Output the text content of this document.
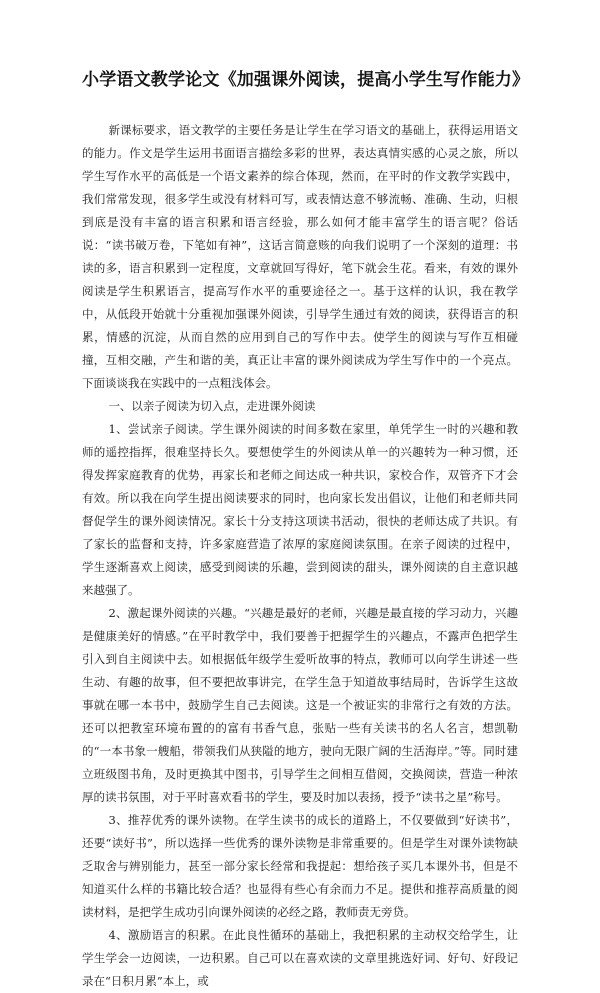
小学语文教学论文《加强课外阅读，提高小学生写作能力》

新课标要求，语文教学的主要任务是让学生在学习语文的基础上，获得运用语文的能力。作文是学生运用书面语言描绘多彩的世界，表达真情实感的心灵之旅，所以学生写作水平的高低是一个语文素养的综合体现，然而，在平时的作文教学实践中，我们常常发现，很多学生或没有材料可写，或表情达意不够流畅、准确、生动，归根到底是没有丰富的语言积累和语言经验，那么如何才能丰富学生的语言呢？俗话说：“读书破万卷，下笔如有神”，这话言简意赅的向我们说明了一个深刻的道理：书读的多，语言积累到一定程度，文章就回写得好，笔下就会生花。看来，有效的课外阅读是学生积累语言，提高写作水平的重要途径之一。基于这样的认识，我在教学中，从低段开始就十分重视加强课外阅读，引导学生通过有效的阅读，获得语言的积累，情感的沉淀，从而自然的应用到自己的写作中去。使学生的阅读与写作互相碰撞，互相交融，产生和谐的美，真正让丰富的课外阅读成为学生写作中的一个亮点。下面谈谈我在实践中的一点粗浅体会。

一、以亲子阅读为切入点，走进课外阅读

1、尝试亲子阅读。学生课外阅读的时间多数在家里，单凭学生一时的兴趣和教师的遥控指挥，很难坚持长久。要想使学生的外阅读从单一的兴趣转为一种习惯，还得发挥家庭教育的优势，再家长和老师之间达成一种共识，家校合作，双管齐下才会有效。所以我在向学生提出阅读要求的同时，也向家长发出倡议，让他们和老师共同督促学生的课外阅读情况。家长十分支持这项读书活动，很快的老师达成了共识。有了家长的监督和支持，许多家庭营造了浓厚的家庭阅读氛围。在亲子阅读的过程中，学生逐渐喜欢上阅读，感受到阅读的乐趣，尝到阅读的甜头，课外阅读的自主意识越来越强了。

2、激起课外阅读的兴趣。“兴趣是最好的老师，兴趣是最直接的学习动力，兴趣是健康美好的情感。”在平时教学中，我们要善于把握学生的兴趣点，不露声色把学生引入到自主阅读中去。如根据低年级学生爱听故事的特点，教师可以向学生讲述一些生动、有趣的故事，但不要把故事讲完，在学生急于知道故事结局时，告诉学生这故事就在哪一本书中，鼓励学生自己去阅读。这是一个被证实的非常行之有效的方法。还可以把教室环境布置的的富有书香气息，张贴一些有关读书的名人名言，想凯勒的“一本书象一艘船，带领我们从狭隘的地方，驶向无限广阔的生活海岸。”等。同时建立班级图书角，及时更换其中图书，引导学生之间相互借阅，交换阅读，营造一种浓厚的读书氛围，对于平时喜欢看书的学生，要及时加以表扬，授予“读书之星”称号。

3、推荐优秀的课外读物。在学生读书的成长的道路上，不仅要做到“好读书”，还要“读好书”，所以选择一些优秀的课外读物是非常重要的。但是学生对课外读物缺乏取舍与辨别能力，甚至一部分家长经常和我提起：想给孩子买几本课外书，但是不知道买什么样的书籍比较合适？也显得有些心有余而力不足。提供和推荐高质量的阅读材料，是把学生成功引向课外阅读的必经之路，教师责无旁贷。

4、激励语言的积累。在此良性循环的基础上，我把积累的主动权交给学生，让学生学会一边阅读，一边积累。自己可以在喜欢读的文章里挑选好词、好句、好段记录在“日积月累”本上，或
